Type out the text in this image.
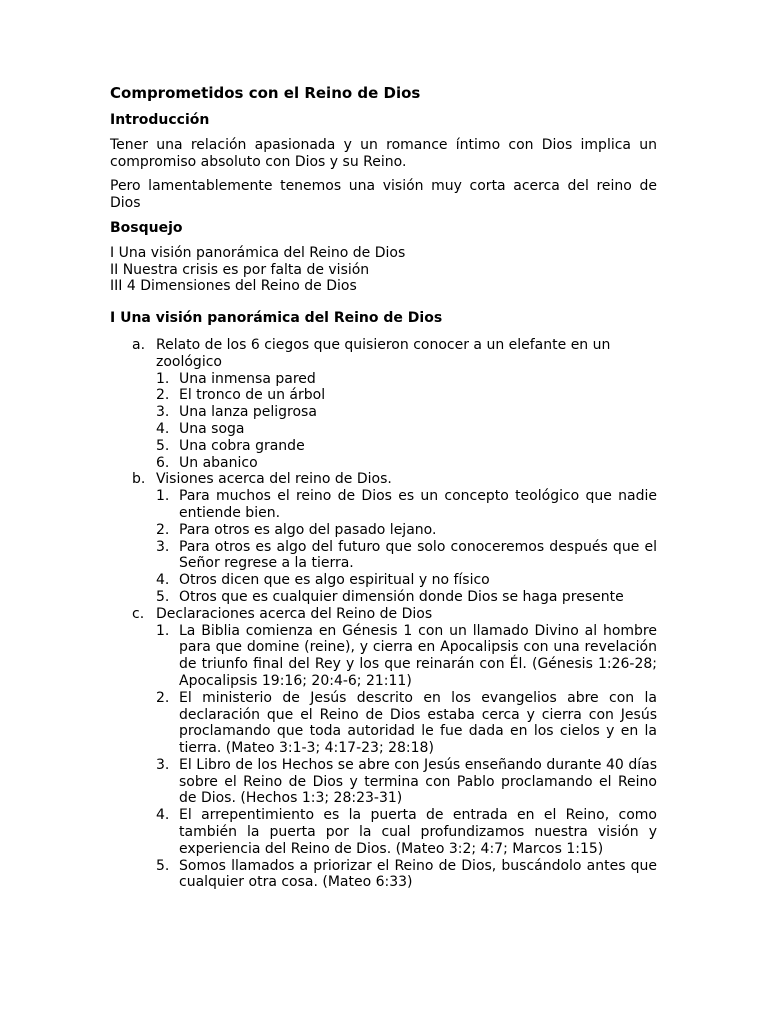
Comprometidos con el Reino de Dios
Introducción

Tener una relación apasionada y un romance íntimo con Dios implica un compromiso absoluto con Dios y su Reino.

Pero lamentablemente tenemos una visión muy corta acerca del reino de Dios

Bosquejo
I Una visión panorámica del Reino de Dios
II Nuestra crisis es por falta de visión
III 4 Dimensiones del Reino de Dios
I Una visión panorámica del Reino de Dios
a. Relato de los 6 ciegos que quisieron conocer a un elefante en un zoológico
1. Una inmensa pared
2. El tronco de un árbol
3. Una lanza peligrosa
4. Una soga
5. Una cobra grande
6. Un abanico
b. Visiones acerca del reino de Dios.
1. Para muchos el reino de Dios es un concepto teológico que nadie entiende bien.
2. Para otros es algo del pasado lejano.
3. Para otros es algo del futuro que solo conoceremos después que el Señor regrese a la tierra.
4. Otros dicen que es algo espiritual y no físico
5. Otros que es cualquier dimensión donde Dios se haga presente
c. Declaraciones acerca del Reino de Dios
1. La Biblia comienza en Génesis 1 con un llamado Divino al hombre para que domine (reine), y cierra en Apocalipsis con una revelación de triunfo final del Rey y los que reinarán con Él. (Génesis 1:26-28; Apocalipsis 19:16; 20:4-6; 21:11)
2. El ministerio de Jesús descrito en los evangelios abre con la declaración que el Reino de Dios estaba cerca y cierra con Jesús proclamando que toda autoridad le fue dada en los cielos y en la tierra. (Mateo 3:1-3; 4:17-23; 28:18)
3. El Libro de los Hechos se abre con Jesús enseñando durante 40 días sobre el Reino de Dios y termina con Pablo proclamando el Reino de Dios. (Hechos 1:3; 28:23-31)
4. El arrepentimiento es la puerta de entrada en el Reino, como también la puerta por la cual profundizamos nuestra visión y experiencia del Reino de Dios. (Mateo 3:2; 4:7; Marcos 1:15)
5. Somos llamados a priorizar el Reino de Dios, buscándolo antes que cualquier otra cosa. (Mateo 6:33)
